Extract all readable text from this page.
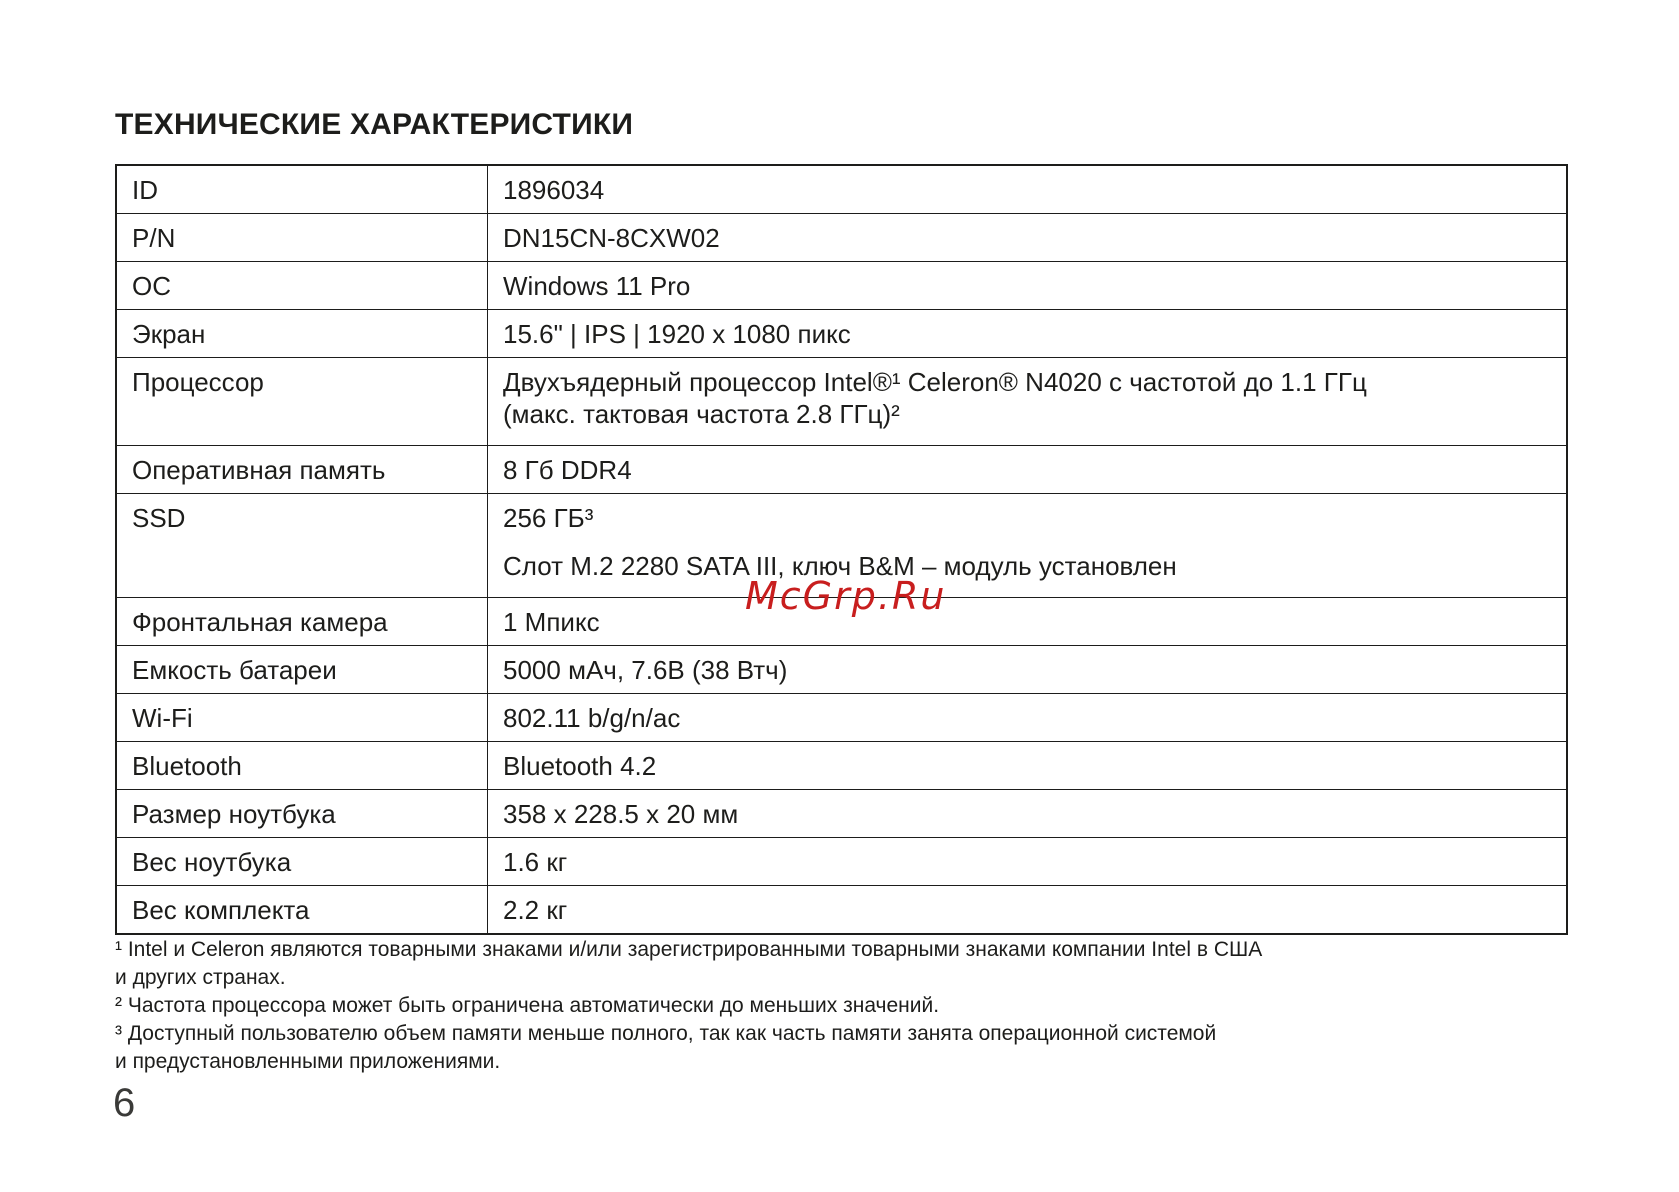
ТЕХНИЧЕСКИЕ ХАРАКТЕРИСТИКИ
ID	1896034
P/N	DN15CN-8CXW02
ОС	Windows 11 Pro
Экран	15.6" | IPS | 1920 x 1080 пикс
Процессор	Двухъядерный процессор Intel®¹ Celeron® N4020 с частотой до 1.1 ГГц
(макс. тактовая частота 2.8 ГГц)²

Оперативная память	8 Гб DDR4
SSD	256 ГБ³
Слот M.2 2280 SATA III, ключ B&M – модуль установлен

Фронтальная камера	1 Мпикс
Емкость батареи	5000 мАч, 7.6В (38 Втч)
Wi-Fi	802.11 b/g/n/ac
Bluetooth	Bluetooth 4.2
Размер ноутбука	358 x 228.5 x 20 мм
Вес ноутбука	1.6 кг
Вес комплекта	2.2 кг
McGrp.Ru

¹ Intel и Celeron являются товарными знаками и/или зарегистрированными товарными знаками компании Intel в США

и других странах.

² Частота процессора может быть ограничена автоматически до меньших значений.

³ Доступный пользователю объем памяти меньше полного, так как часть памяти занята операционной системой

и предустановленными приложениями.

6
